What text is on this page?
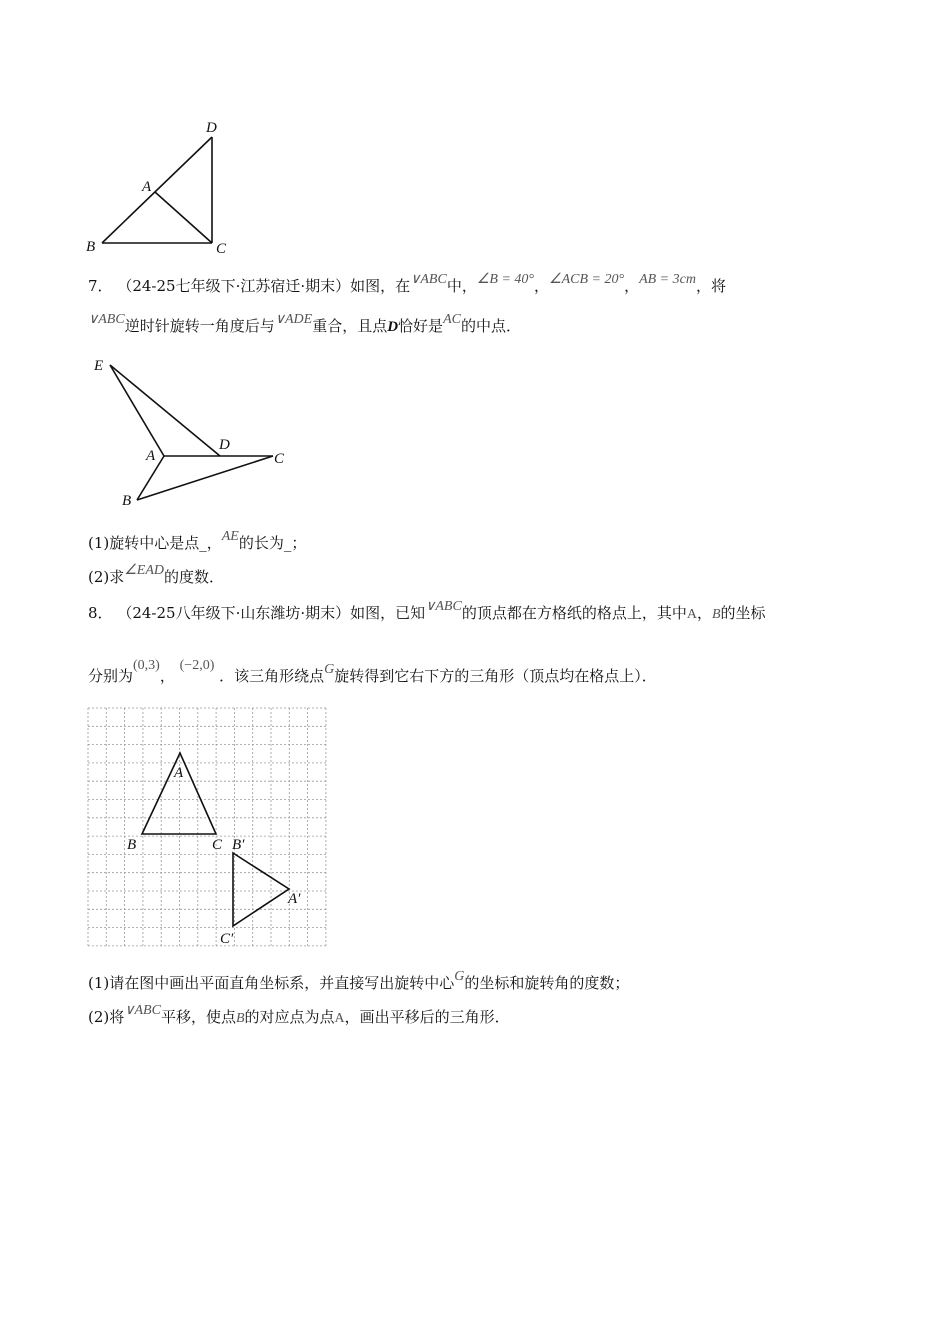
D
A
B	C
7． （24-25七年级下·江苏宿迁·期末）如图，在∨ABC中，∠B = 40°，∠ACB = 20°，AB = 3cm，将
∨ABC逆时针旋转一角度后与∨ADE重合，且点D恰好是AC的中点．
E
D
A	C
B
(1)旋转中心是点_，AE的长为_；
(2)求∠EAD的度数．
8． （24-25八年级下·山东潍坊·期末）如图，已知∨ABC的顶点都在方格纸的格点上，其中A，B的坐标
分别为(0,3)， (−2,0) ．该三角形绕点G旋转得到它右下方的三角形（顶点均在格点上）．
A
B	C B′
A′
C′
(1)请在图中画出平面直角坐标系，并直接写出旋转中心G的坐标和旋转角的度数；
(2)将∨ABC平移，使点B的对应点为点A，画出平移后的三角形．
